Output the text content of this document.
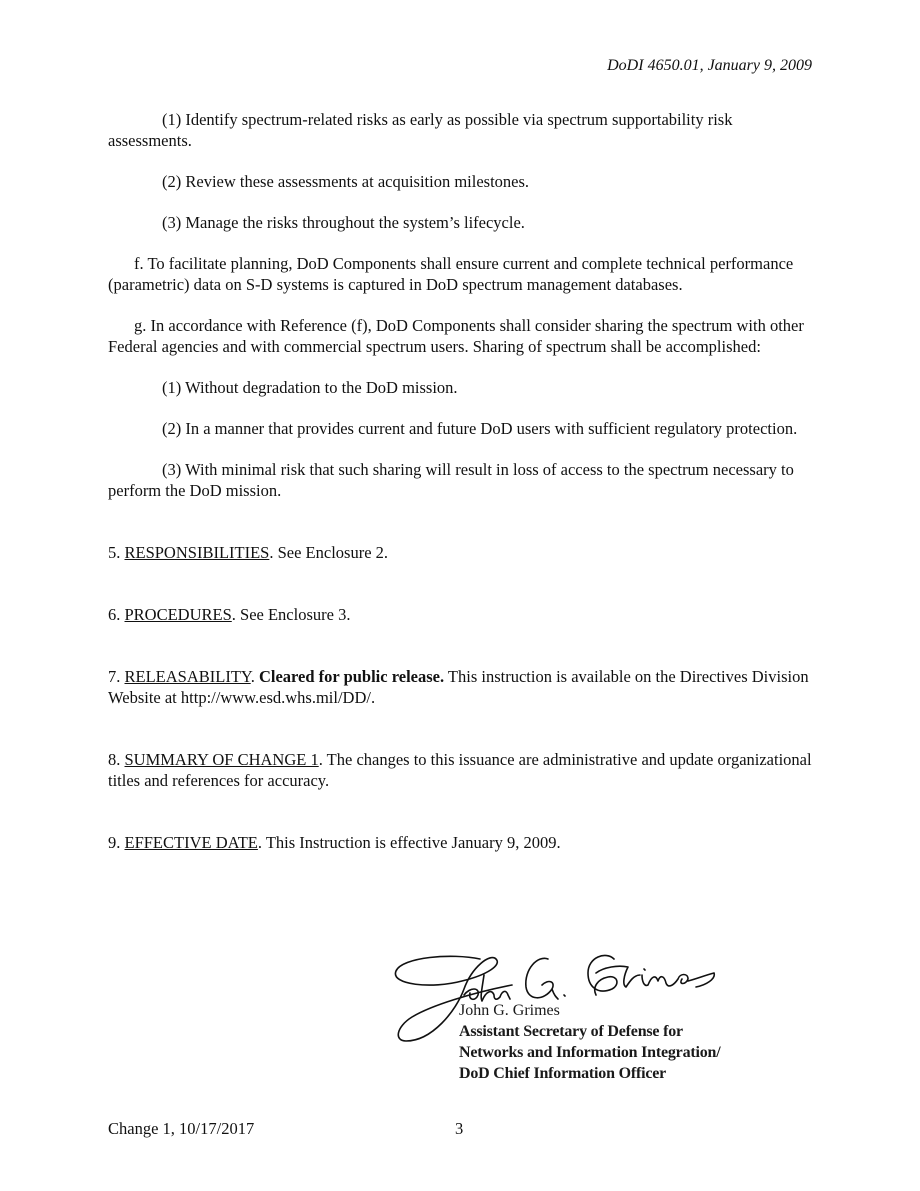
DoDI 4650.01, January 9, 2009

(1) Identify spectrum-related risks as early as possible via spectrum supportability risk assessments.

(2) Review these assessments at acquisition milestones.

(3) Manage the risks throughout the system’s lifecycle.

f. To facilitate planning, DoD Components shall ensure current and complete technical performance (parametric) data on S-D systems is captured in DoD spectrum management databases.

g. In accordance with Reference (f), DoD Components shall consider sharing the spectrum with other Federal agencies and with commercial spectrum users. Sharing of spectrum shall be accomplished:

(1) Without degradation to the DoD mission.

(2) In a manner that provides current and future DoD users with sufficient regulatory protection.

(3) With minimal risk that such sharing will result in loss of access to the spectrum necessary to perform the DoD mission.

5. RESPONSIBILITIES. See Enclosure 2.

6. PROCEDURES. See Enclosure 3.

7. RELEASABILITY. Cleared for public release. This instruction is available on the Directives Division Website at http://www.esd.whs.mil/DD/.

8. SUMMARY OF CHANGE 1. The changes to this issuance are administrative and update organizational titles and references for accuracy.

9. EFFECTIVE DATE. This Instruction is effective January 9, 2009.

John G. Grimes
Assistant Secretary of Defense for
Networks and Information Integration/
DoD Chief Information Officer
Change 1, 10/17/2017	3
